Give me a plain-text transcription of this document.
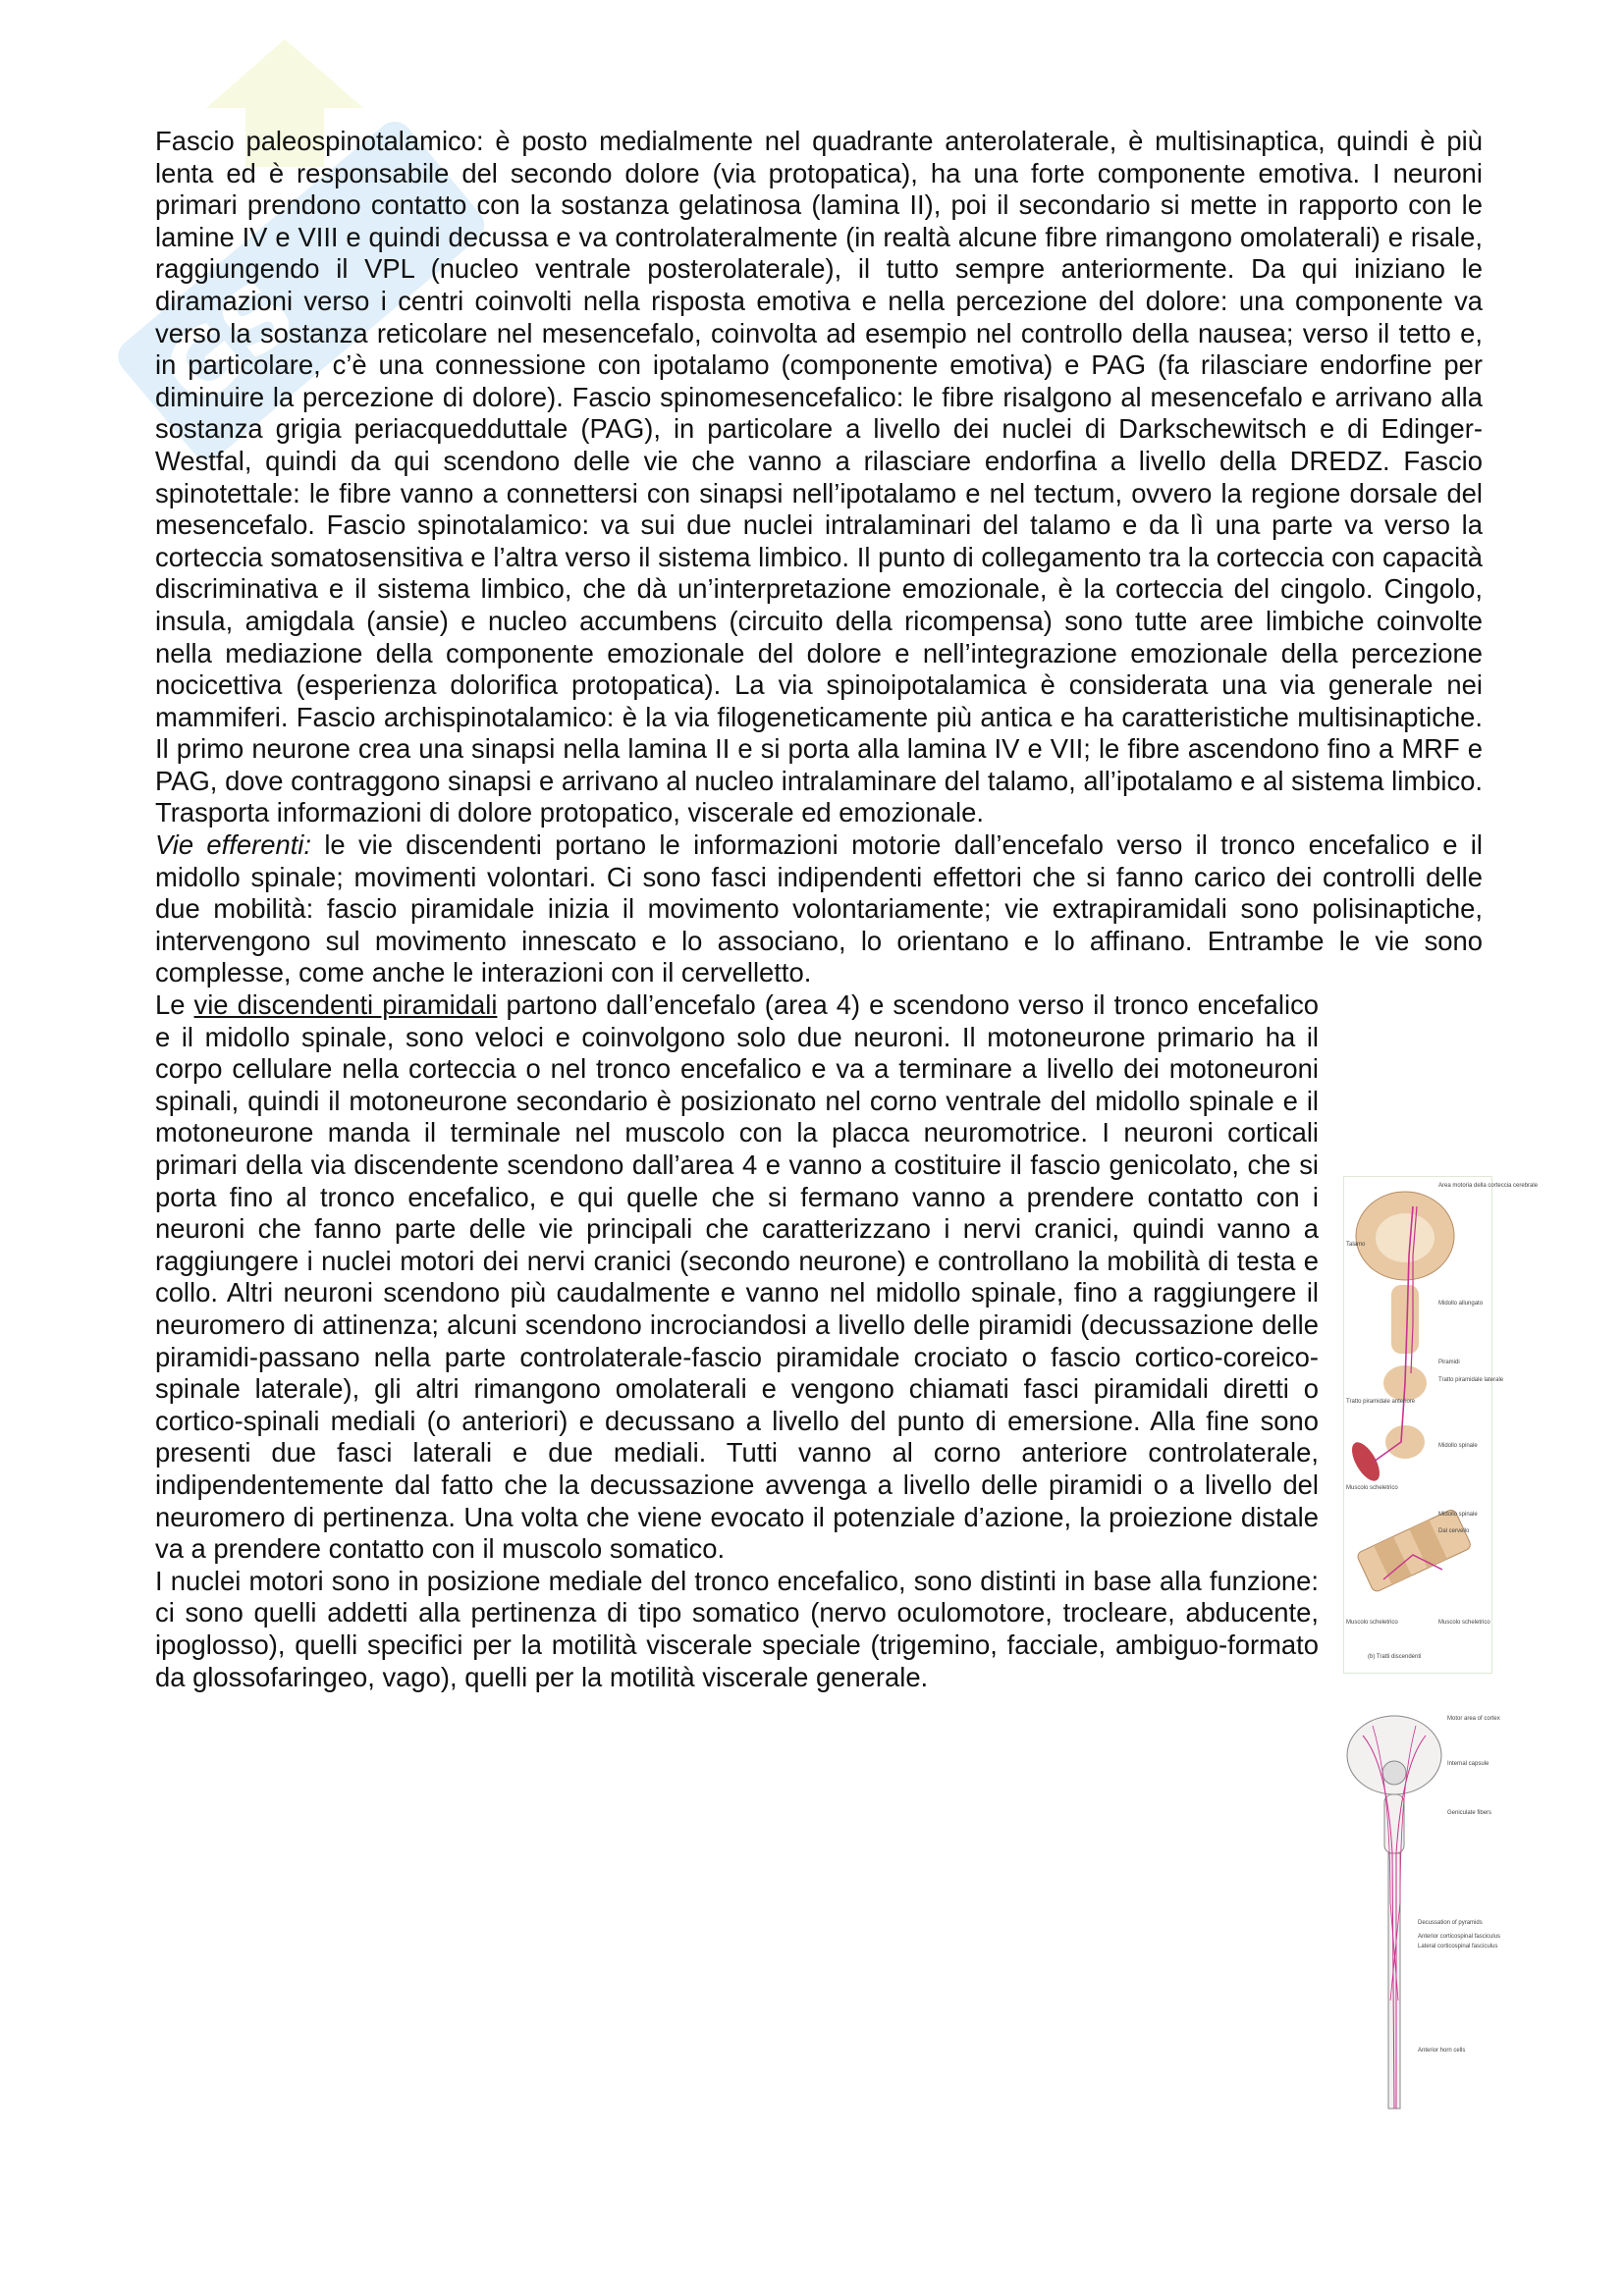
GS

Fascio paleospinotalamico: è posto medialmente nel quadrante anterolaterale, è multisinaptica, quindi è più lenta ed è responsabile del secondo dolore (via protopatica), ha una forte componente emotiva. I neuroni primari prendono contatto con la sostanza gelatinosa (lamina II), poi il secondario si mette in rapporto con le lamine IV e VIII e quindi decussa e va controlateralmente (in realtà alcune fibre rimangono omolaterali) e risale, raggiungendo il VPL (nucleo ventrale posterolaterale), il tutto sempre anteriormente. Da qui iniziano le diramazioni verso i centri coinvolti nella risposta emotiva e nella percezione del dolore: una componente va verso la sostanza reticolare nel mesencefalo, coinvolta ad esempio nel controllo della nausea; verso il tetto e, in particolare, c’è una connessione con ipotalamo (componente emotiva) e PAG (fa rilasciare endorfine per diminuire la percezione di dolore). Fascio spinomesencefalico: le fibre risalgono al mesencefalo e arrivano alla sostanza grigia periacquedduttale (PAG), in particolare a livello dei nuclei di Darkschewitsch e di Edinger-Westfal, quindi da qui scendono delle vie che vanno a rilasciare endorfina a livello della DREDZ. Fascio spinotettale: le fibre vanno a connettersi con sinapsi nell’ipotalamo e nel tectum, ovvero la regione dorsale del mesencefalo. Fascio spinotalamico: va sui due nuclei intralaminari del talamo e da lì una parte va verso la corteccia somatosensitiva e l’altra verso il sistema limbico. Il punto di collegamento tra la corteccia con capacità discriminativa e il sistema limbico, che dà un’interpretazione emozionale, è la corteccia del cingolo. Cingolo, insula, amigdala (ansie) e nucleo accumbens (circuito della ricompensa) sono tutte aree limbiche coinvolte nella mediazione della componente emozionale del dolore e nell’integrazione emozionale della percezione nocicettiva (esperienza dolorifica protopatica). La via spinoipotalamica è considerata una via generale nei mammiferi. Fascio archispinotalamico: è la via filogeneticamente più antica e ha caratteristiche multisinaptiche. Il primo neurone crea una sinapsi nella lamina II e si porta alla lamina IV e VII; le fibre ascendono fino a MRF e PAG, dove contraggono sinapsi e arrivano al nucleo intralaminare del talamo, all’ipotalamo e al sistema limbico. Trasporta informazioni di dolore protopatico, viscerale ed emozionale.

Vie efferenti: le vie discendenti portano le informazioni motorie dall’encefalo verso il tronco encefalico e il midollo spinale; movimenti volontari. Ci sono fasci indipendenti effettori che si fanno carico dei controlli delle due mobilità: fascio piramidale inizia il movimento volontariamente; vie extrapiramidali sono polisinaptiche, intervengono sul movimento innescato e lo associano, lo orientano e lo affinano. Entrambe le vie sono complesse, come anche le interazioni con il cervelletto.

Le vie discendenti piramidali partono dall’encefalo (area 4) e scendono verso il tronco encefalico e il midollo spinale, sono veloci e coinvolgono solo due neuroni. Il motoneurone primario ha il corpo cellulare nella corteccia o nel tronco encefalico e va a terminare a livello dei motoneuroni spinali, quindi il motoneurone secondario è posizionato nel corno ventrale del midollo spinale e il motoneurone manda il terminale nel muscolo con la placca neuromotrice. I neuroni corticali primari della via discendente scendono dall’area 4 e vanno a costituire il fascio genicolato, che si porta fino al tronco encefalico, e qui quelle che si fermano vanno a prendere contatto con i neuroni che fanno parte delle vie principali che caratterizzano i nervi cranici, quindi vanno a raggiungere i nuclei motori dei nervi cranici (secondo neurone) e controllano la mobilità di testa e collo. Altri neuroni scendono più caudalmente e vanno nel midollo spinale, fino a raggiungere il neuromero di attinenza; alcuni scendono incrociandosi a livello delle piramidi (decussazione delle piramidi-passano nella parte controlaterale-fascio piramidale crociato o fascio cortico-coreico-spinale laterale), gli altri rimangono omolaterali e vengono chiamati fasci piramidali diretti o cortico-spinali mediali (o anteriori) e decussano a livello del punto di emersione. Alla fine sono presenti due fasci laterali e due mediali. Tutti vanno al corno anteriore controlaterale, indipendentemente dal fatto che la decussazione avvenga a livello delle piramidi o a livello del neuromero di pertinenza. Una volta che viene evocato il potenziale d’azione, la proiezione distale va a prendere contatto con il muscolo somatico.

I nuclei motori sono in posizione mediale del tronco encefalico, sono distinti in base alla funzione: ci sono quelli addetti alla pertinenza di tipo somatico (nervo oculomotore, trocleare, abducente, ipoglosso), quelli specifici per la motilità viscerale speciale (trigemino, facciale, ambiguo-formato da glossofaringeo, vago), quelli per la motilità viscerale generale.

Area motoria della corteccia cerebrale
Talamo
Midollo allungato
Piramidi
Tratto piramidale anteriore
Tratto piramidale laterale
Midollo spinale
Muscolo scheletrico
Midollo spinale
Dal cervello
Muscolo scheletrico	Muscolo scheletrico
(b) Tratti discendenti
Motor area of cortex
Internal capsule
Geniculate fibers
Decussation of pyramids
Anterior corticospinal fasciculus
Lateral corticospinal fasciculus
Anterior horn cells
